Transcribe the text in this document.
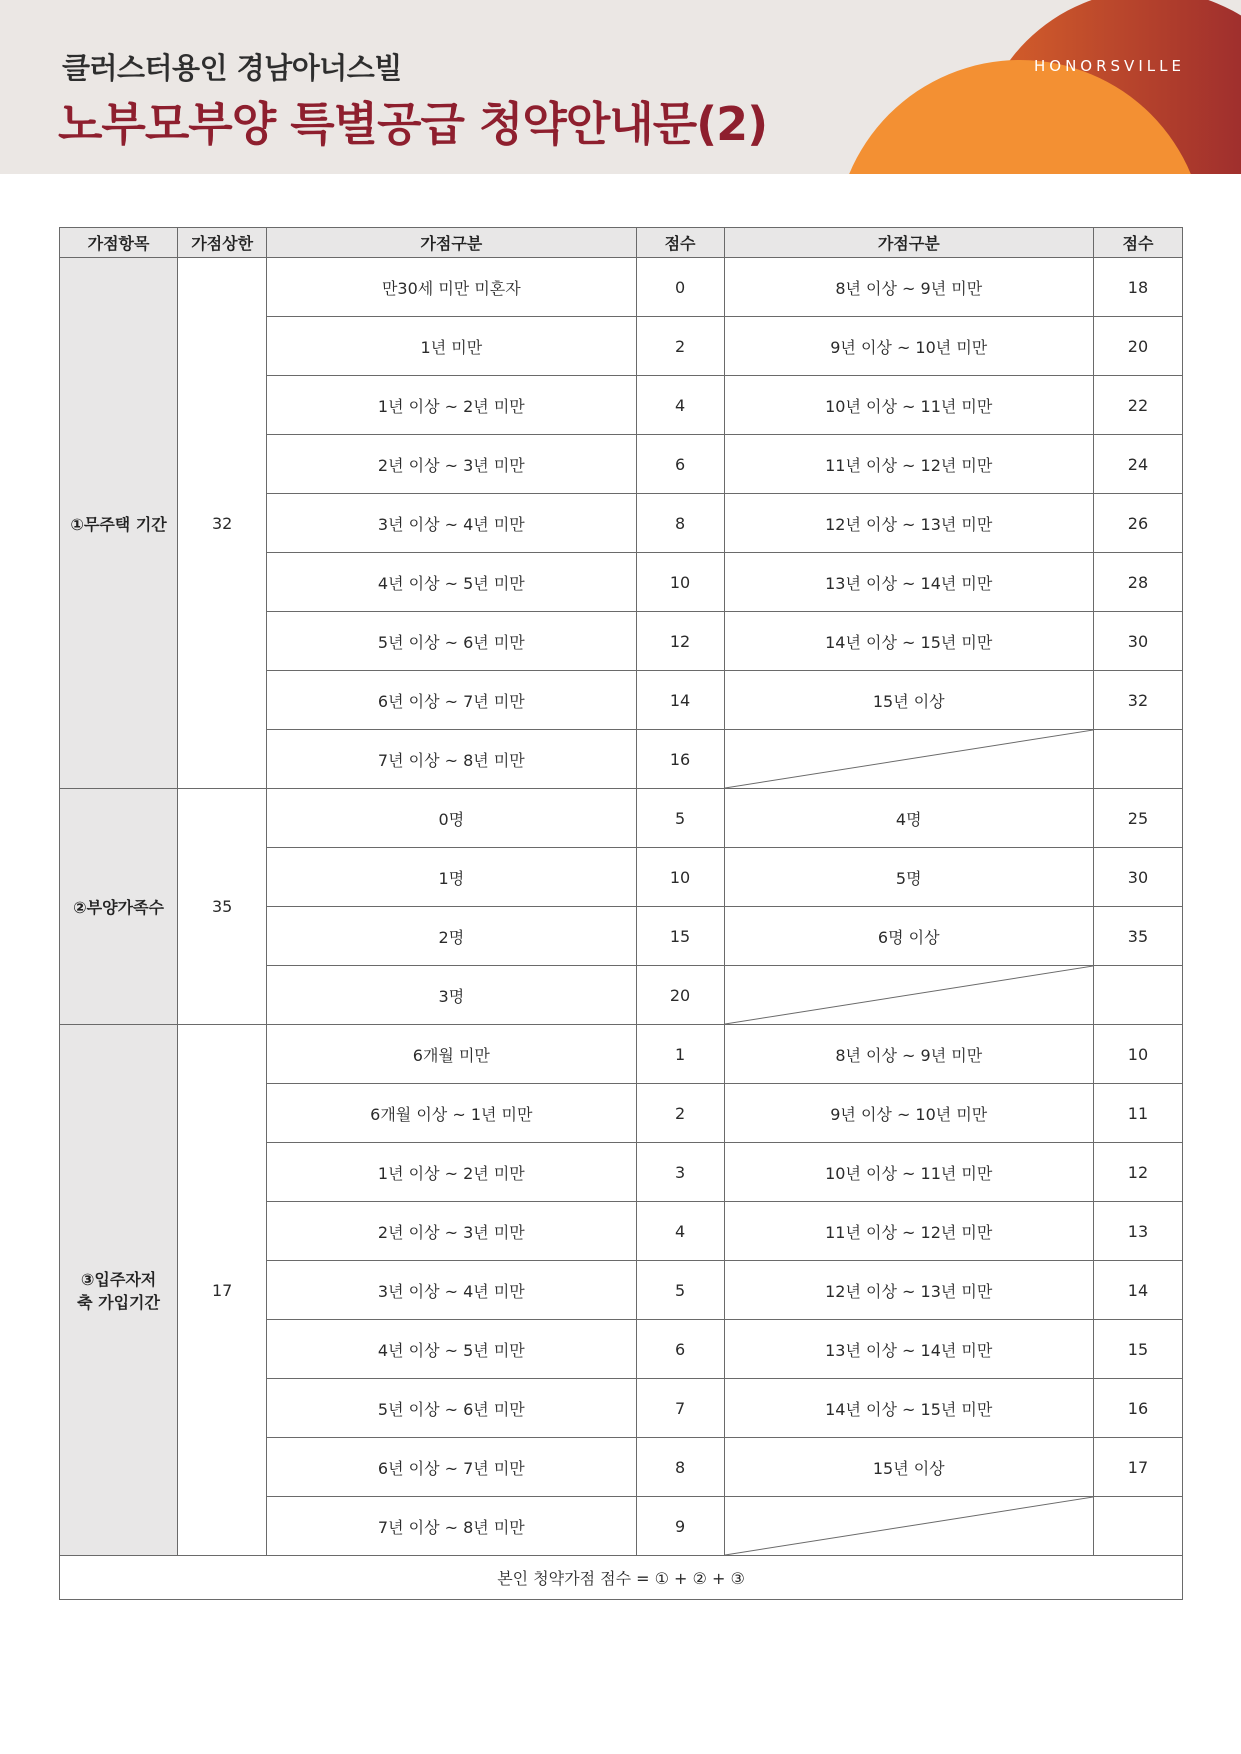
클러스터용인 경남아너스빌
노부모부양 특별공급 청약안내문(2)
HONORSVILLE
가점항목	가점상한	가점구분	점수	가점구분	점수
①무주택 기간	32	만30세 미만 미혼자	0	8년 이상 ~ 9년 미만	18
		1년 미만	2	9년 이상 ~ 10년 미만	20
		1년 이상 ~ 2년 미만	4	10년 이상 ~ 11년 미만	22
		2년 이상 ~ 3년 미만	6	11년 이상 ~ 12년 미만	24
		3년 이상 ~ 4년 미만	8	12년 이상 ~ 13년 미만	26
		4년 이상 ~ 5년 미만	10	13년 이상 ~ 14년 미만	28
		5년 이상 ~ 6년 미만	12	14년 이상 ~ 15년 미만	30
		6년 이상 ~ 7년 미만	14	15년 이상	32
		7년 이상 ~ 8년 미만	16	

②부양가족수	35	0명	5	4명	25
		1명	10	5명	30
		2명	15	6명 이상	35
		3명	20	

③입주자저축 가입기간	17	6개월 미만	1	8년 이상 ~ 9년 미만	10
		6개월 이상 ~ 1년 미만	2	9년 이상 ~ 10년 미만	11
		1년 이상 ~ 2년 미만	3	10년 이상 ~ 11년 미만	12
		2년 이상 ~ 3년 미만	4	11년 이상 ~ 12년 미만	13
		3년 이상 ~ 4년 미만	5	12년 이상 ~ 13년 미만	14
		4년 이상 ~ 5년 미만	6	13년 이상 ~ 14년 미만	15
		5년 이상 ~ 6년 미만	7	14년 이상 ~ 15년 미만	16
		6년 이상 ~ 7년 미만	8	15년 이상	17
		7년 이상 ~ 8년 미만	9	

본인 청약가점 점수 = ① + ② + ③					
